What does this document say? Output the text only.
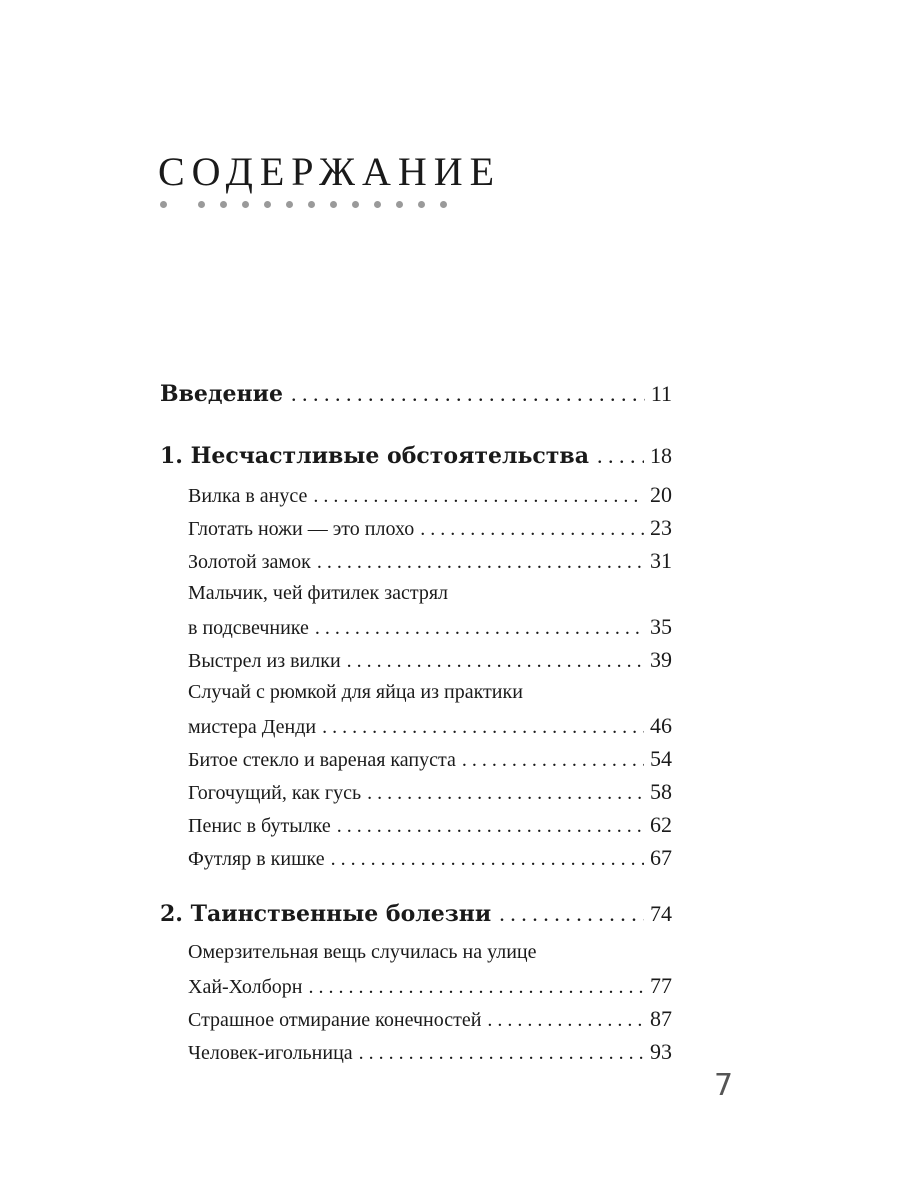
СОДЕРЖАНИЕ
Введение . . .	11
1. Несчастливые обстоятельства . . .	18
Вилка в анусе . . .	20
Глотать ножи — это плохо . . .	23
Золотой замок . . .	31
Мальчик, чей фитилек застрял
в подсвечнике . . .	35
Выстрел из вилки . . .	39
Случай с рюмкой для яйца из практики
мистера Денди . . .	46
Битое стекло и вареная капуста . . .	54
Гогочущий, как гусь . . .	58
Пенис в бутылке . . .	62
Футляр в кишке . . .	67
2. Таинственные болезни . . .	74
Омерзительная вещь случилась на улице
Хай-Холборн . . .	77
Страшное отмирание конечностей . . .	87
Человек-игольница . . .	93
7
